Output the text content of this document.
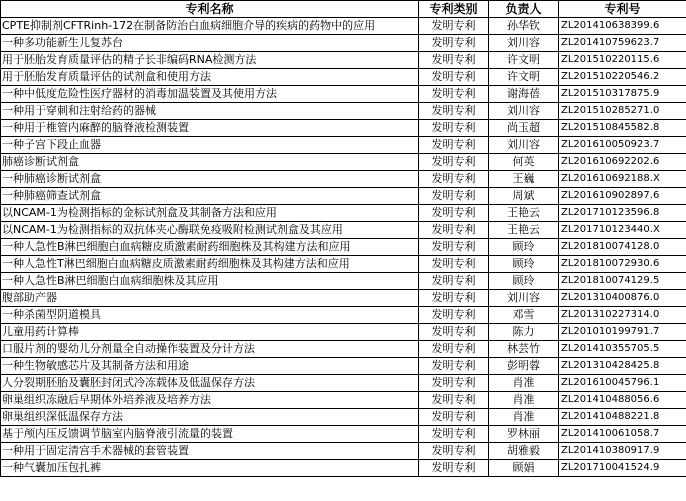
专利名称	专利类别	负责人	专利号
CPTE抑制剂CFTRinh-172在制备防治白血病细胞介导的疾病的药物中的应用	发明专利	孙华钦	ZL201410638399.6
一种多功能新生儿复苏台	发明专利	刘川容	ZL201410759623.7
用于胚胎发育质量评估的精子长非编码RNA检测方法	发明专利	许文明	ZL201510220115.6
用于胚胎发育质量评估的试剂盒和使用方法	发明专利	许文明	ZL201510220546.2
一种中低度危险性医疗器材的消毒加温装置及其使用方法	发明专利	谢海蓓	ZL201510317875.9
一种用于穿刺和注射给药的器械	发明专利	刘川容	ZL201510285271.0
一种用于椎管内麻醉的脑脊液检测装置	发明专利	尚玉超	ZL201510845582.8
一种子宫下段止血器	发明专利	刘川容	ZL201610050923.7
肺癌诊断试剂盒	发明专利	何英	ZL201610692202.6
一种肺癌诊断试剂盒	发明专利	王巍	ZL201610692188.X
一种肺癌筛查试剂盒	发明专利	周斌	ZL201610902897.6
以NCAM-1为检测指标的金标试剂盒及其制备方法和应用	发明专利	王艳云	ZL201710123596.8
以NCAM-1为检测指标的双抗体夹心酶联免疫吸附检测试剂盒及其应用	发明专利	王艳云	ZL201710123440.X
一种人急性B淋巴细胞白血病糖皮质激素耐药细胞株及其构建方法和应用	发明专利	顾玲	ZL201810074128.0
一种人急性T淋巴细胞白血病糖皮质激素耐药细胞株及其构建方法和应用	发明专利	顾玲	ZL201810072930.6
一种人急性B淋巴细胞白血病细胞株及其应用	发明专利	顾玲	ZL201810074129.5
腹部助产器	发明专利	刘川容	ZL201310400876.0
一种杀菌型阴道模具	发明专利	邓雪	ZL201310227314.0
儿童用药计算棒	发明专利	陈力	ZL201010199791.7
口服片剂的婴幼儿分剂量全自动操作装置及分计方法	发明专利	林芸竹	ZL201410355705.5
一种生物敏感芯片及其制备方法和用途	发明专利	彭明蓉	ZL201310428425.8
人分裂期胚胎及囊胚封闭式冷冻载体及低温保存方法	发明专利	肖准	ZL201610045796.1
卵巢组织冻融后早期体外培养液及培养方法	发明专利	肖准	ZL201410488056.6
卵巢组织深低温保存方法	发明专利	肖准	ZL201410488221.8
基于颅内压反馈调节脑室内脑脊液引流量的装置	发明专利	罗林丽	ZL201410061058.7
一种用于固定清宫手术器械的套管装置	发明专利	胡雅毅	ZL201410380917.9
一种气囊加压包扎裤	发明专利	顾娟	ZL201710041524.9
